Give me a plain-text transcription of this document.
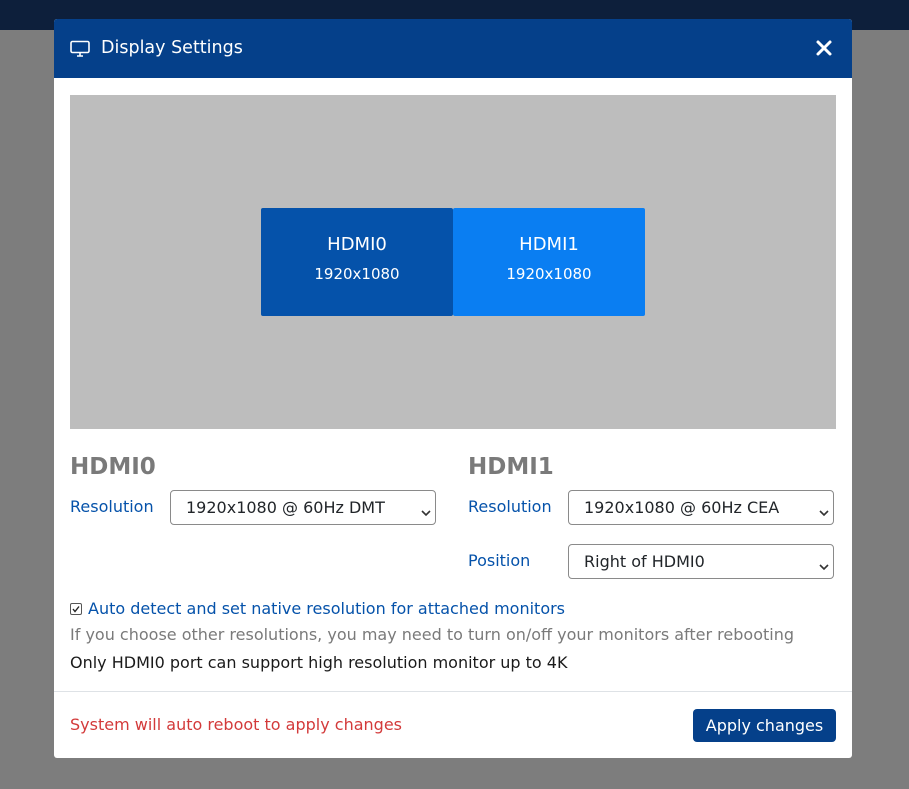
Display Settings
HDMI0
1920x1080
HDMI1
1920x1080
HDMI0
Resolution 1920x1080 @ 60Hz DMT
HDMI1
Resolution 1920x1080 @ 60Hz CEA
Position	Right of HDMI0
Auto detect and set native resolution for attached monitors
If you choose other resolutions, you may need to turn on/off your monitors after rebooting
Only HDMI0 port can support high resolution monitor up to 4K
System will auto reboot to apply changes	Apply changes
